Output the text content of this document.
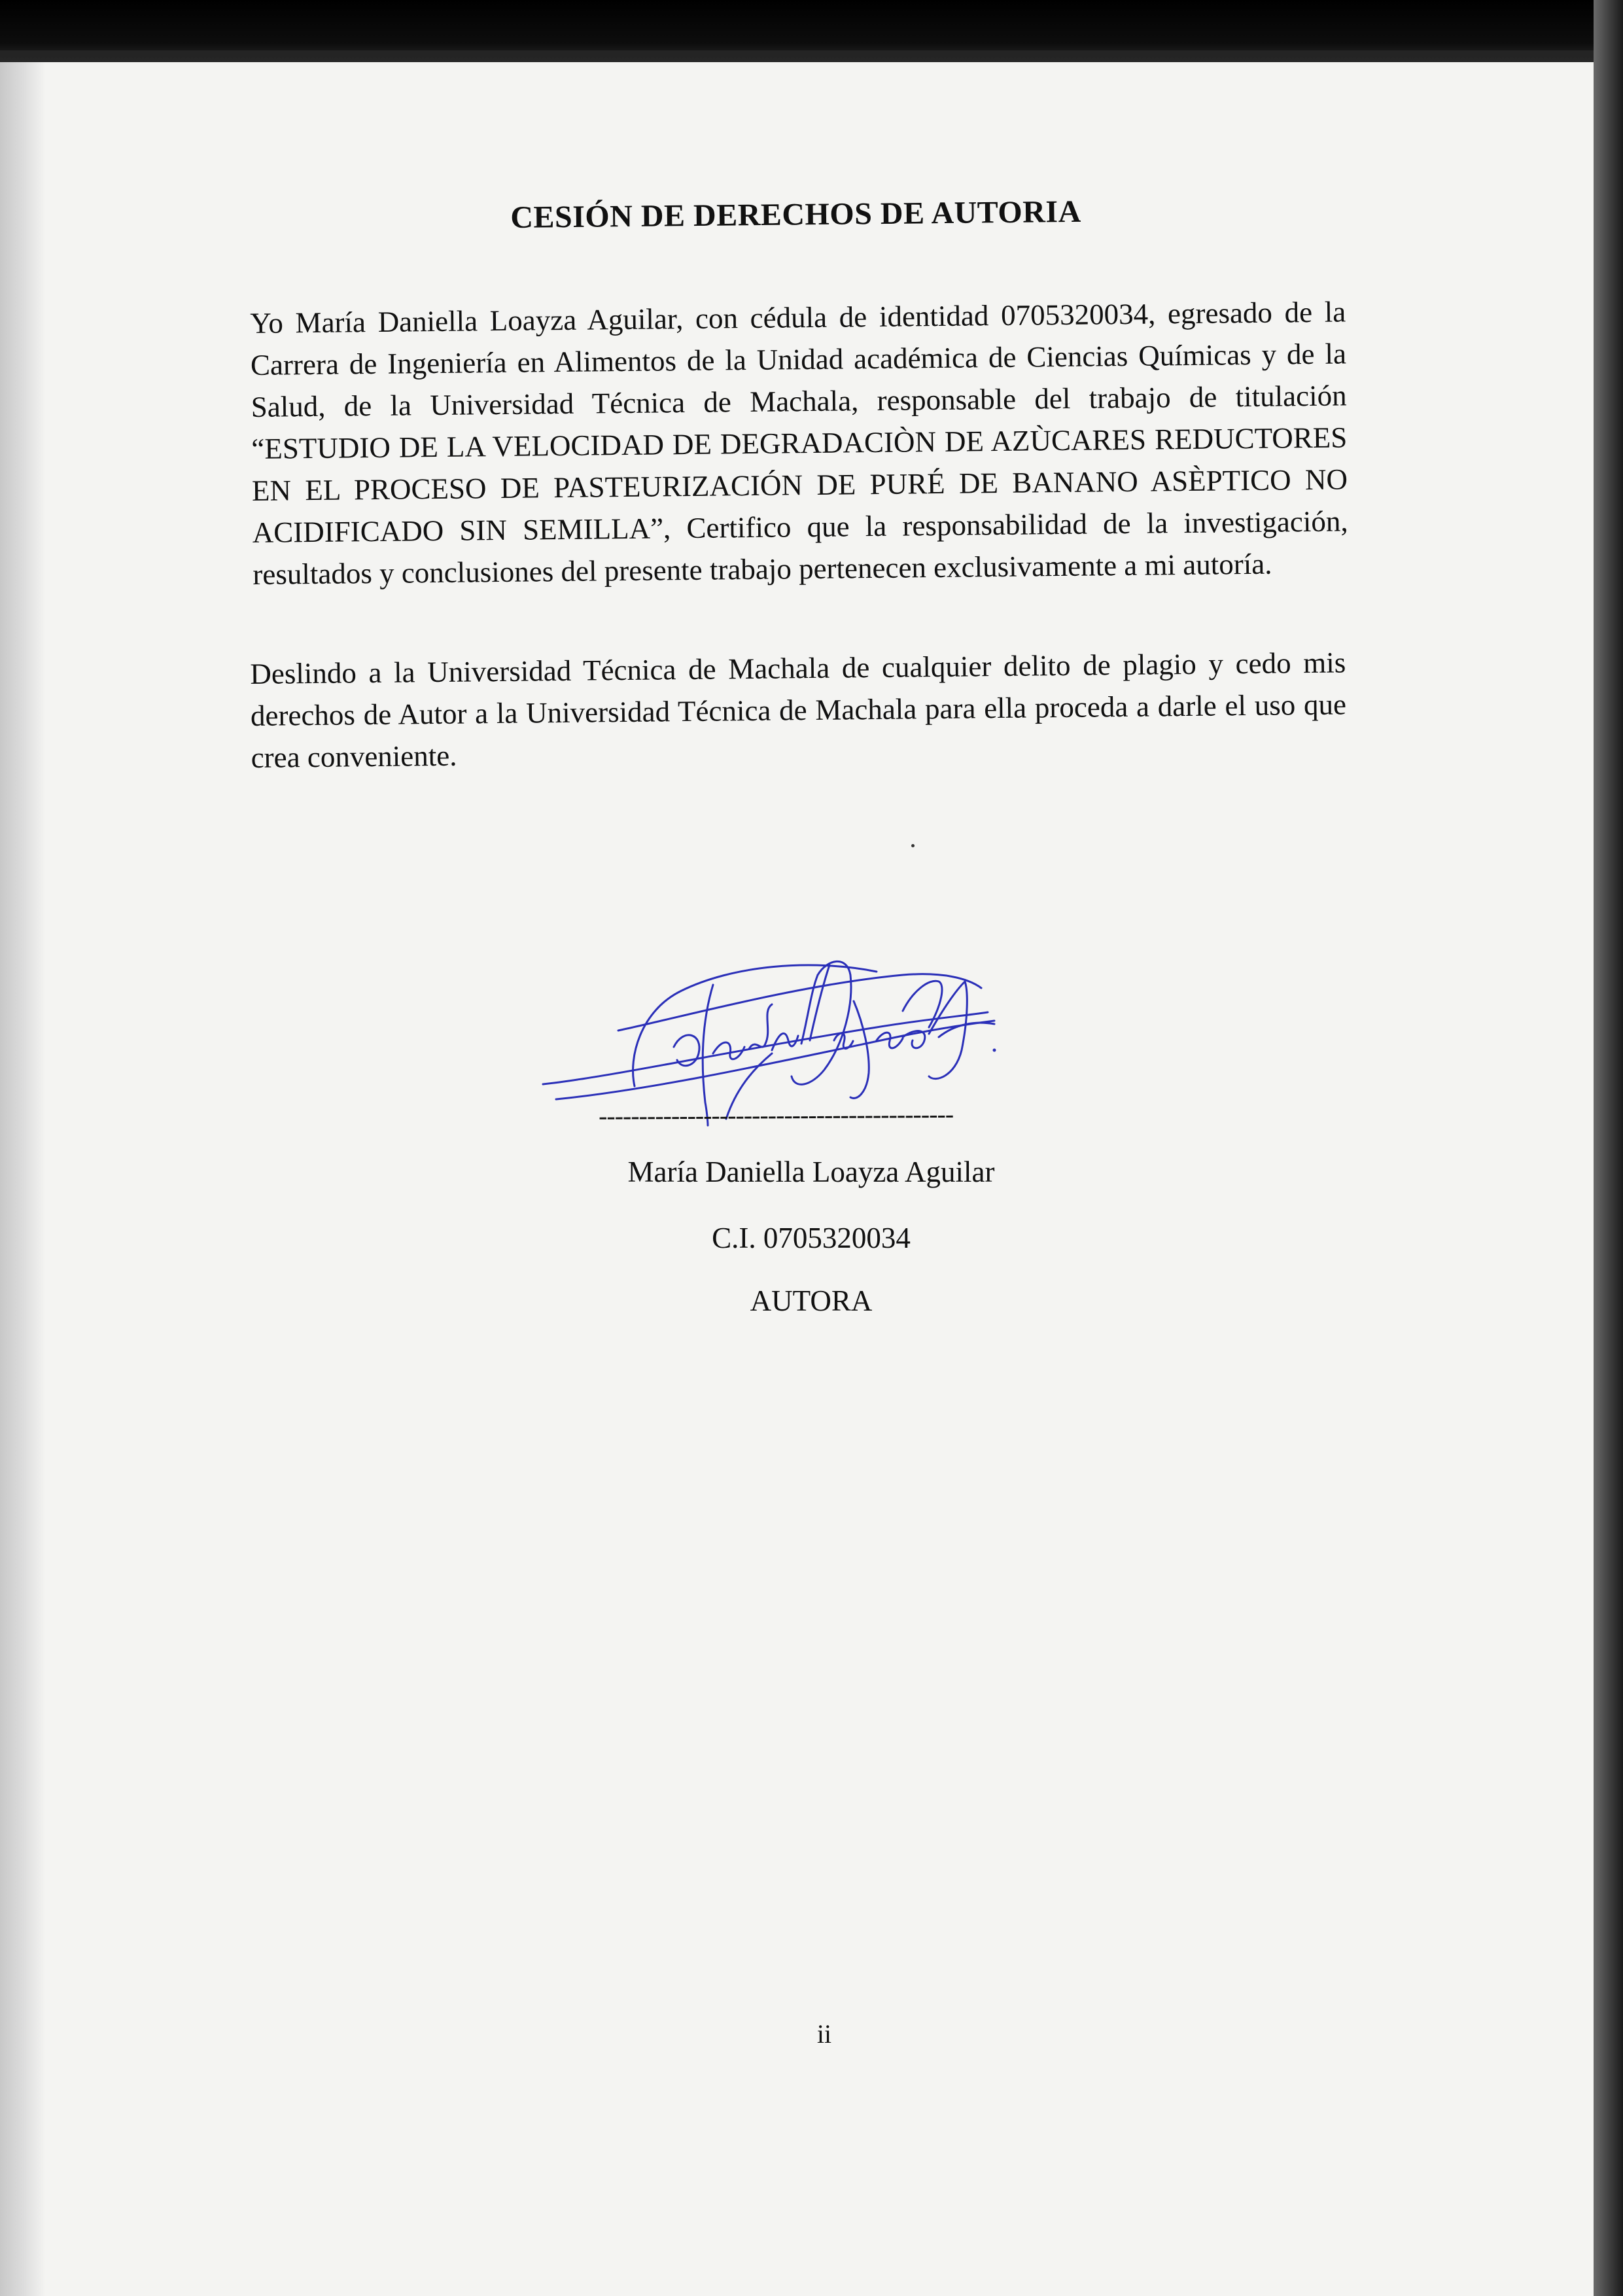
CESIÓN DE DERECHOS DE AUTORIA
Yo María Daniella Loayza Aguilar, con cédula de identidad 0705320034, egresado de la Carrera de Ingeniería en Alimentos de la Unidad académica de Ciencias Químicas y de la Salud, de la Universidad Técnica de Machala, responsable del trabajo de titulación “ESTUDIO DE LA VELOCIDAD DE DEGRADACIÒN DE AZÙCARES REDUCTORES EN EL PROCESO DE PASTEURIZACIÓN DE PURÉ DE BANANO ASÈPTICO NO ACIDIFICADO SIN SEMILLA”, Certifico que la responsabilidad de la investigación, resultados y conclusiones del presente trabajo pertenecen exclusivamente a mi autoría.
Deslindo a la Universidad Técnica de Machala de cualquier delito de plagio y cedo mis derechos de Autor a la Universidad Técnica de Machala para ella proceda a darle el uso que crea conveniente.
--------------------------------------------
María Daniella Loayza Aguilar
C.I. 0705320034
AUTORA
ii
